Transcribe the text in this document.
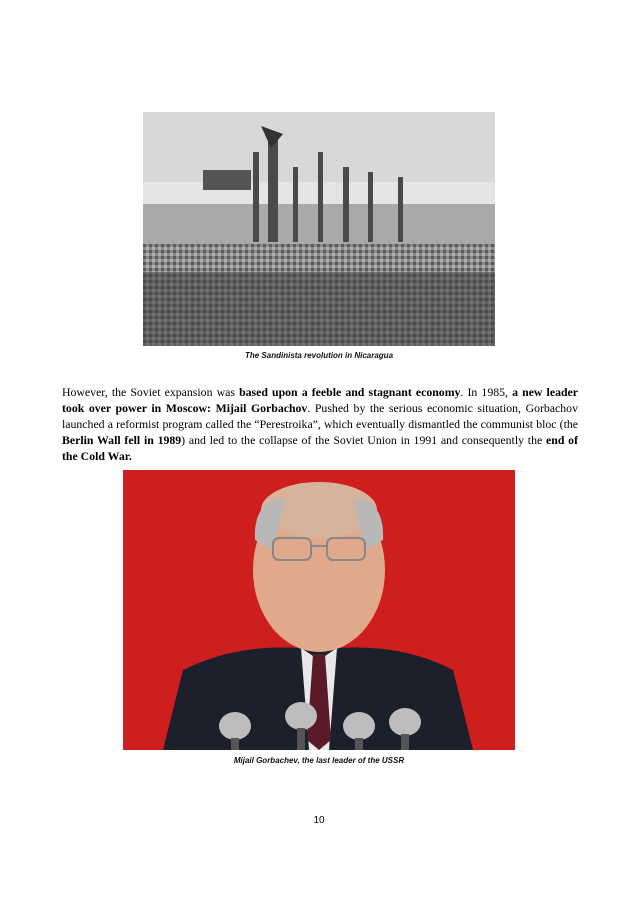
The Sandinista revolution in Nicaragua
However, the Soviet expansion was based upon a feeble and stagnant economy. In 1985, a new leader took over power in Moscow: Mijail Gorbachov. Pushed by the serious economic situation, Gorbachov launched a reformist program called the “Perestroika”, which eventually dismantled the communist bloc (the Berlin Wall fell in 1989) and led to the collapse of the Soviet Union in 1991 and consequently the end of the Cold War.
Mijail Gorbachev, the last leader of the USSR
10
